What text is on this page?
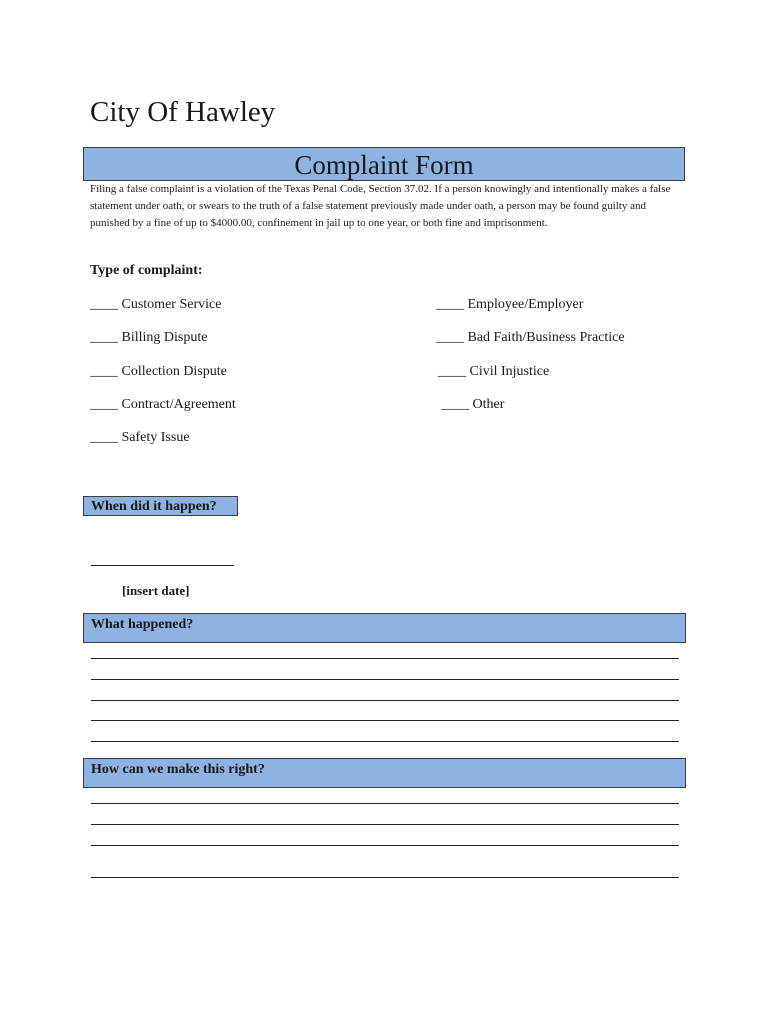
City Of Hawley
Complaint Form
Filing a false complaint is a violation of the Texas Penal Code, Section 37.02. If a person knowingly and intentionally makes a false statement under oath, or swears to the truth of a false statement previously made under oath, a person may be found guilty and punished by a fine of up to $4000.00, confinement in jail up to one year, or both fine and imprisonment.
Type of complaint:
____ Customer Service
____ Billing Dispute
____ Collection Dispute
____ Contract/Agreement
____ Safety Issue
____ Employee/Employer
____ Bad Faith/Business Practice
____ Civil Injustice
____ Other
When did it happen?
[insert date]
What happened?
How can we make this right?
